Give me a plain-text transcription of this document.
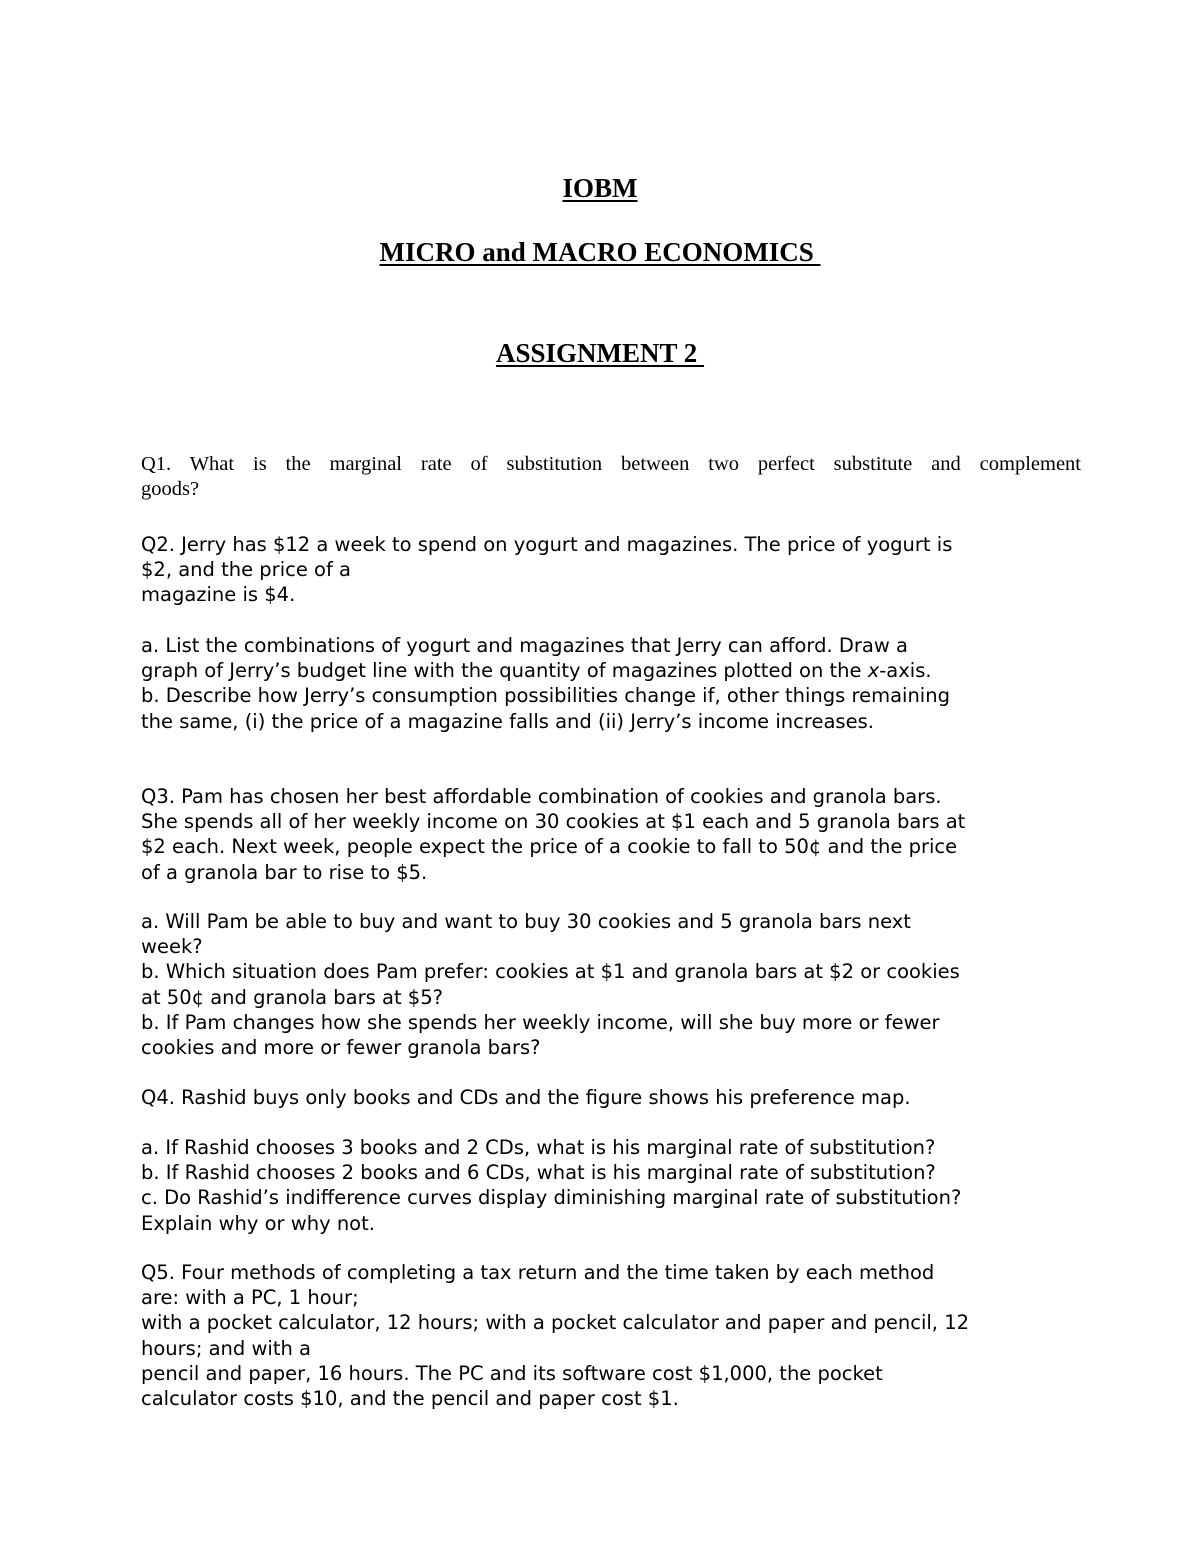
IOBM
MICRO and MACRO ECONOMICS
ASSIGNMENT 2
Q1. What is the marginal rate of substitution between two perfect substitute and complement
goods?
Q2. Jerry has $12 a week to spend on yogurt and magazines. The price of yogurt is
$2, and the price of a
magazine is $4.
a. List the combinations of yogurt and magazines that Jerry can afford. Draw a
graph of Jerry’s budget line with the quantity of magazines plotted on the x-axis.
b. Describe how Jerry’s consumption possibilities change if, other things remaining
the same, (i) the price of a magazine falls and (ii) Jerry’s income increases.
Q3. Pam has chosen her best affordable combination of cookies and granola bars.
She spends all of her weekly income on 30 cookies at $1 each and 5 granola bars at
$2 each. Next week, people expect the price of a cookie to fall to 50¢ and the price
of a granola bar to rise to $5.
a. Will Pam be able to buy and want to buy 30 cookies and 5 granola bars next
week?
b. Which situation does Pam prefer: cookies at $1 and granola bars at $2 or cookies
at 50¢ and granola bars at $5?
b. If Pam changes how she spends her weekly income, will she buy more or fewer
cookies and more or fewer granola bars?
Q4. Rashid buys only books and CDs and the figure shows his preference map.
a. If Rashid chooses 3 books and 2 CDs, what is his marginal rate of substitution?
b. If Rashid chooses 2 books and 6 CDs, what is his marginal rate of substitution?
c. Do Rashid’s indifference curves display diminishing marginal rate of substitution?
Explain why or why not.
Q5. Four methods of completing a tax return and the time taken by each method
are: with a PC, 1 hour;
with a pocket calculator, 12 hours; with a pocket calculator and paper and pencil, 12
hours; and with a
pencil and paper, 16 hours. The PC and its software cost $1,000, the pocket
calculator costs $10, and the pencil and paper cost $1.
